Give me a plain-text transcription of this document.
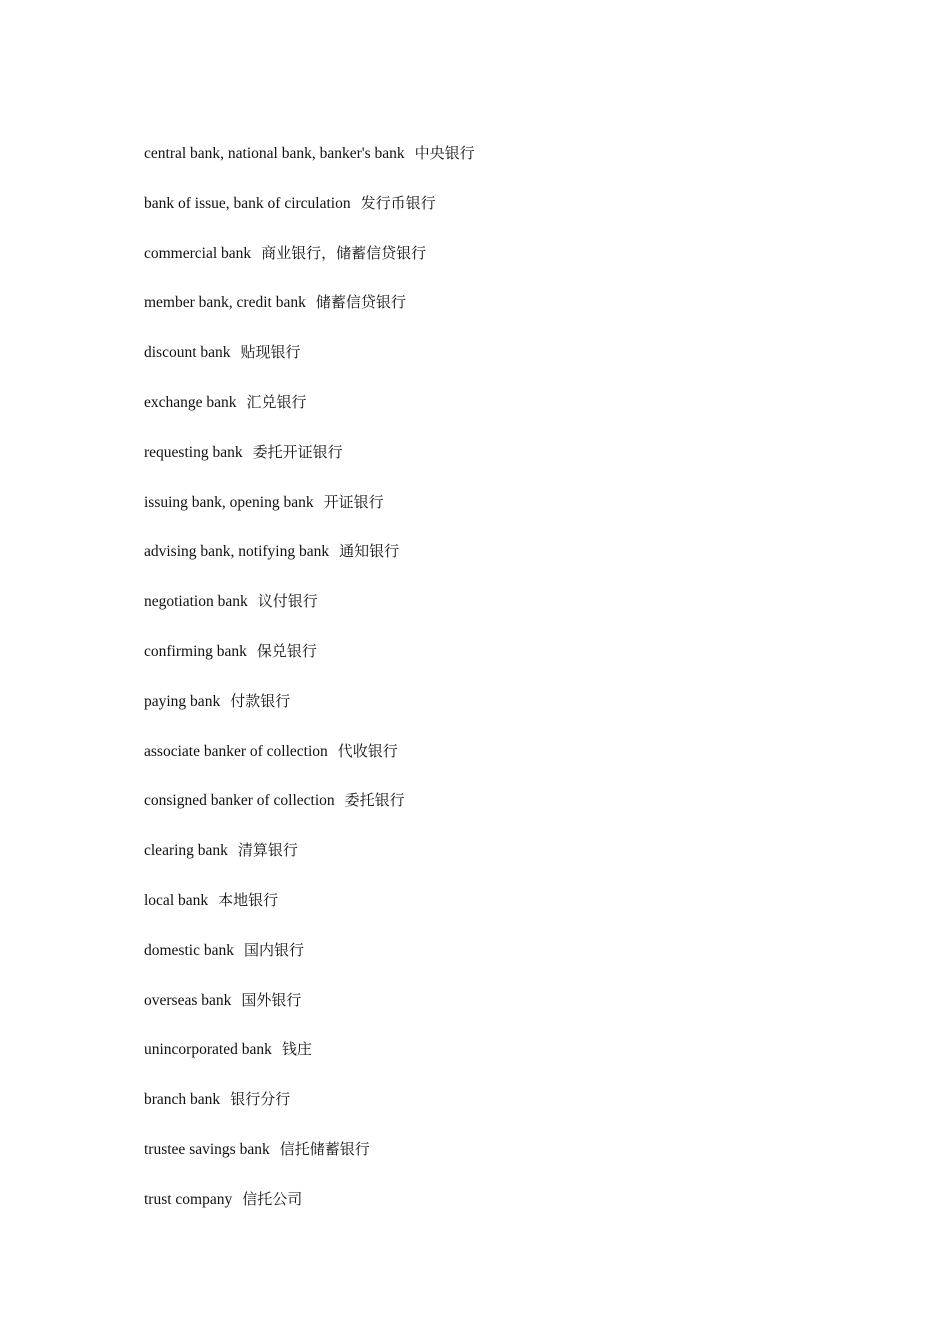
central bank, national bank, banker's bank 中央银行
bank of issue, bank of circulation 发行币银行
commercial bank 商业银行，储蓄信贷银行
member bank, credit bank 储蓄信贷银行
discount bank 贴现银行
exchange bank 汇兑银行
requesting bank 委托开证银行
issuing bank, opening bank 开证银行
advising bank, notifying bank 通知银行
negotiation bank 议付银行
confirming bank 保兑银行
paying bank 付款银行
associate banker of collection 代收银行
consigned banker of collection 委托银行
clearing bank 清算银行
local bank 本地银行
domestic bank 国内银行
overseas bank 国外银行
unincorporated bank 钱庄
branch bank 银行分行
trustee savings bank 信托储蓄银行
trust company 信托公司
